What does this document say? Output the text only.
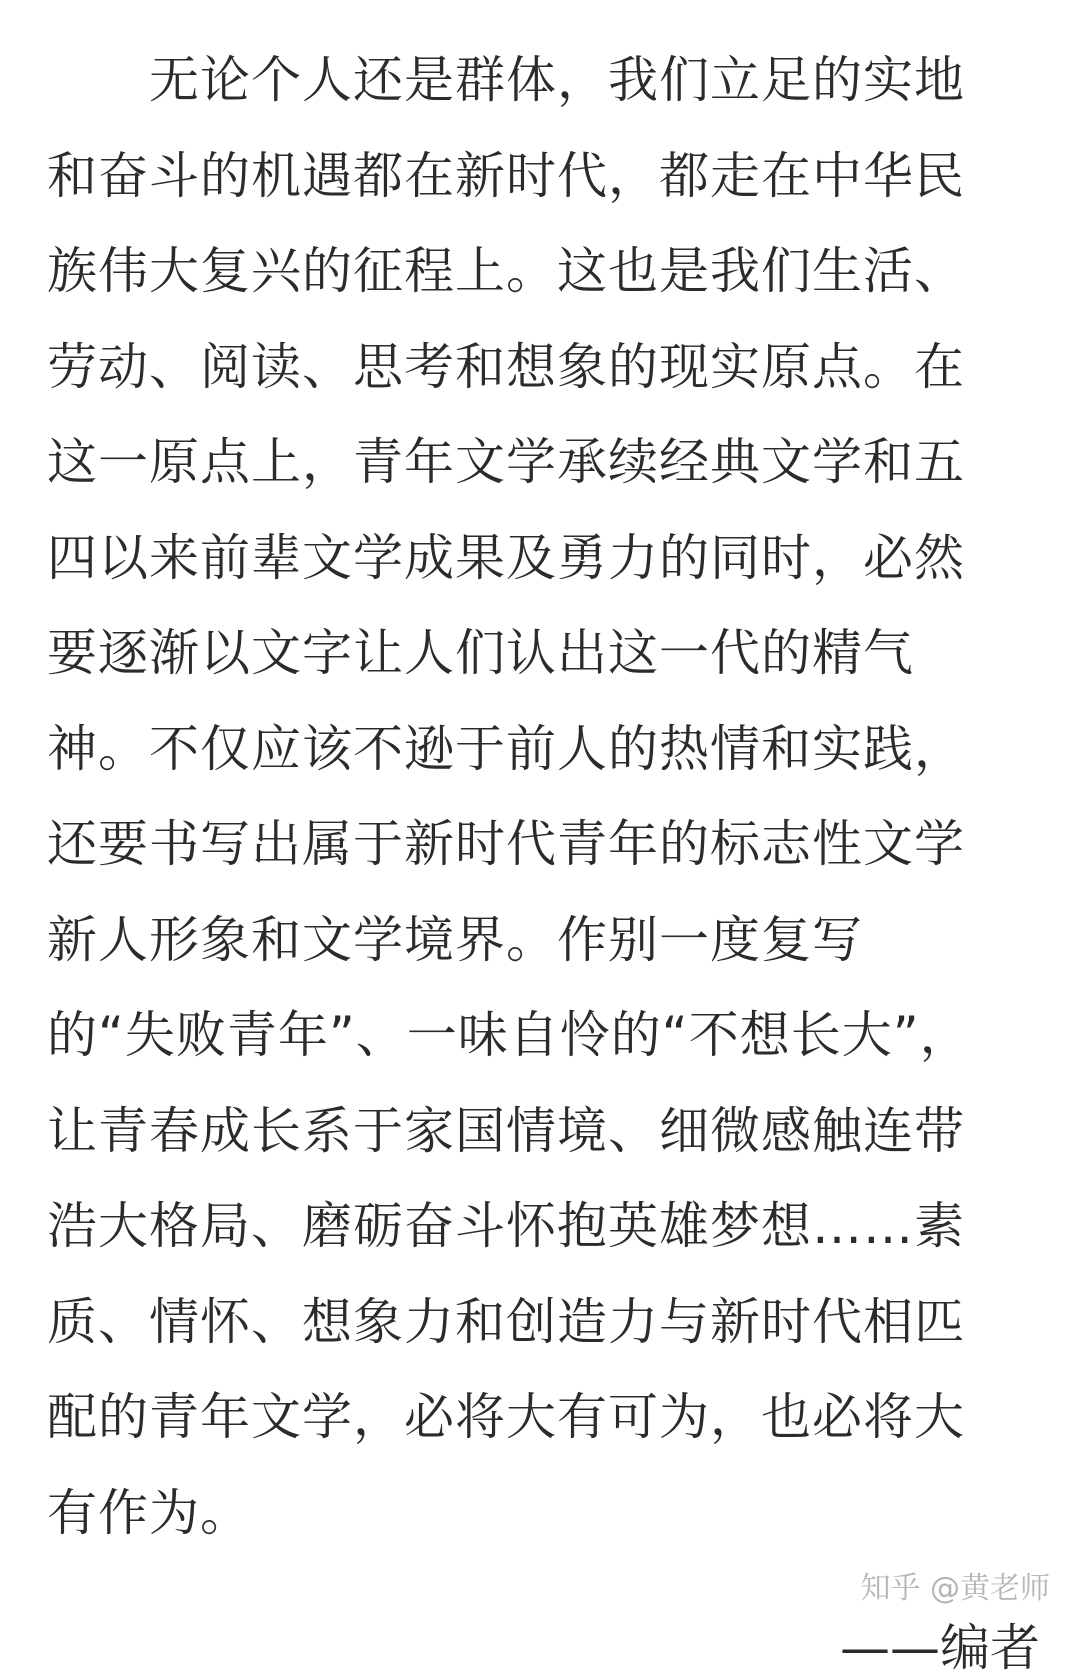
　　无论个人还是群体，我们立足的实地
和奋斗的机遇都在新时代，都走在中华民
族伟大复兴的征程上。这也是我们生活、
劳动、阅读、思考和想象的现实原点。在
这一原点上，青年文学承续经典文学和五
四以来前辈文学成果及勇力的同时，必然
要逐渐以文字让人们认出这一代的精气
神。不仅应该不逊于前人的热情和实践，
还要书写出属于新时代青年的标志性文学
新人形象和文学境界。作别一度复写
的“失败青年”、一味自怜的“不想长大”，
让青春成长系于家国情境、细微感触连带
浩大格局、磨砺奋斗怀抱英雄梦想……素
质、情怀、想象力和创造力与新时代相匹
配的青年文学，必将大有可为，也必将大
有作为。
知乎 @黄老师
——编者
